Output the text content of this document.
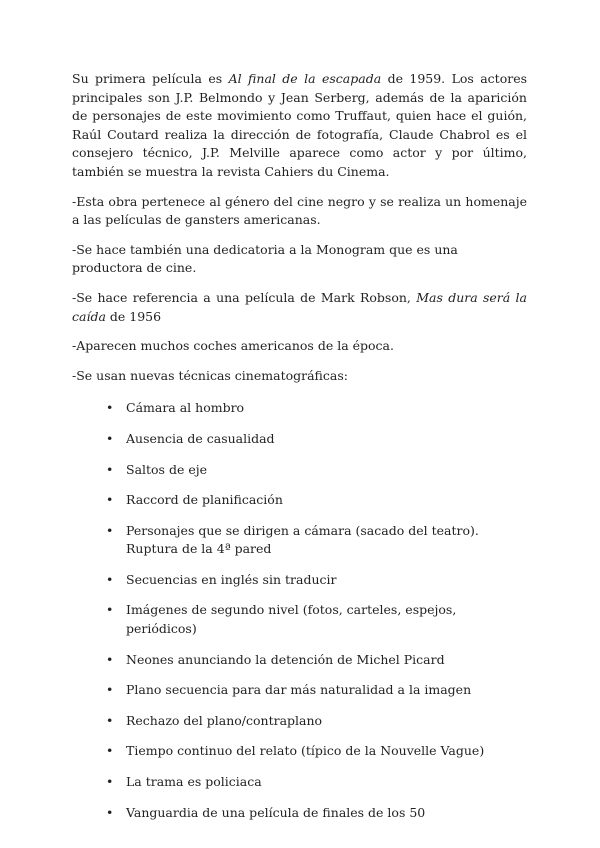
Su primera película es Al final de la escapada de 1959. Los actores principales son J.P. Belmondo y Jean Serberg, además de la aparición de personajes de este movimiento como Truffaut, quien hace el guión, Raúl Coutard realiza la dirección de fotografía, Claude Chabrol es el consejero técnico, J.P. Melville aparece como actor y por último, también se muestra la revista Cahiers du Cinema.

-Esta obra pertenece al género del cine negro y se realiza un homenaje a las películas de gansters americanas.

-Se hace también una dedicatoria a la Monogram que es una productora de cine.

-Se hace referencia a una película de Mark Robson, Mas dura será la caída de 1956

-Aparecen muchos coches americanos de la época.

-Se usan nuevas técnicas cinematográficas:

• Cámara al hombro
• Ausencia de casualidad
• Saltos de eje
• Raccord de planificación
• Personajes que se dirigen a cámara (sacado del teatro). Ruptura de la 4ª pared
• Secuencias en inglés sin traducir
• Imágenes de segundo nivel (fotos, carteles, espejos, periódicos)
• Neones anunciando la detención de Michel Picard
• Plano secuencia para dar más naturalidad a la imagen
• Rechazo del plano/contraplano
• Tiempo continuo del relato (típico de la Nouvelle Vague)
• La trama es policiaca
• Vanguardia de una película de finales de los 50
